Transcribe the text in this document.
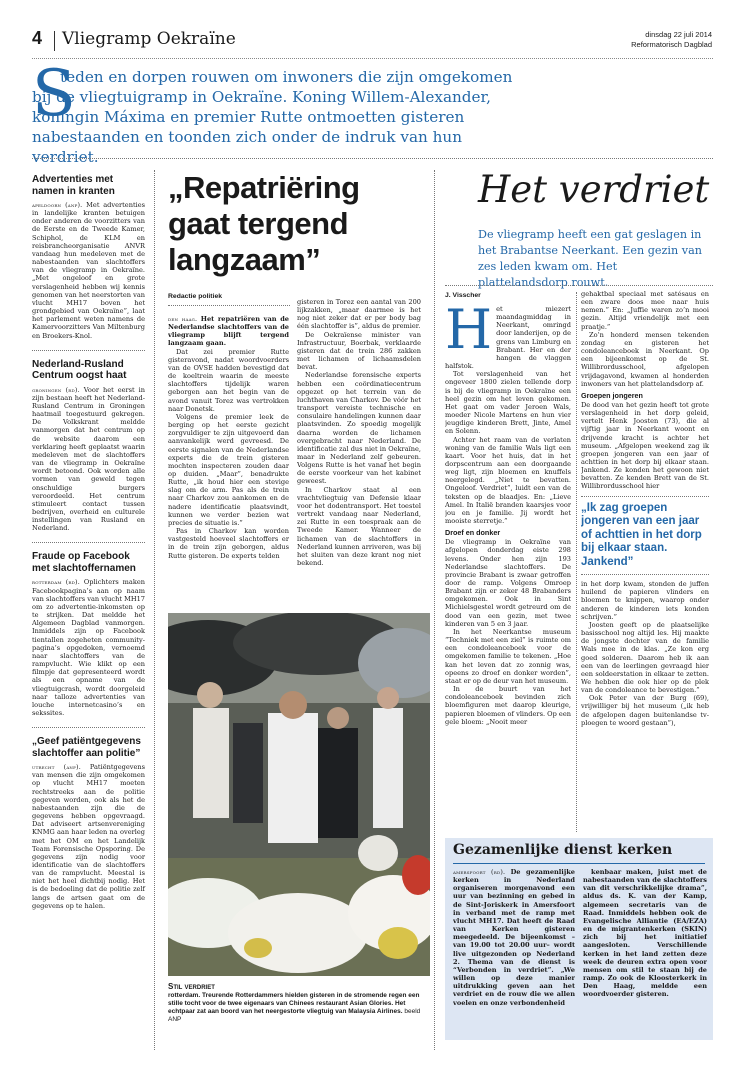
4 Vliegramp Oekraïne	dinsdag 22 juli 2014
Reformatorisch Dagblad
S

teden en dorpen rouwen om inwoners die zijn omgekomen bij de vliegtuigramp in Oekraïne. Koning Willem-Alexander, koningin Máxima en premier Rutte ontmoetten gisteren nabestaanden en toonden zich onder de indruk van hun verdriet.

Advertenties met namen in kranten

apeldoorn (anp). Met advertenties in landelijke kranten betuigen onder anderen de voorzitters van de Eerste en de Tweede Kamer, Schiphol, de KLM en reisbrancheorganisatie ANVR vandaag hun medeleven met de nabestaanden van slachtoffers van de vliegramp in Oekraïne. „Met ongeloof en grote verslagenheid hebben wij kennis genomen van het neerstorten van vlucht MH17 boven het grondgebied van Oekraïne”, laat het parlement weten namens de Kamervoorzitters Van Miltenburg en Broekers-Knol.

Nederland-Rusland Centrum oogst haat

groningen (rd). Voor het eerst in zijn bestaan heeft het Nederland-Rusland Centrum in Groningen haatmail toegestuurd gekregen. De Volkskrant meldde vanmorgen dat het centrum op de website daarom een verklaring heeft geplaatst waarin medeleven met de slachtoffers van de vliegramp in Oekraïne wordt betoond. Ook worden alle vormen van geweld tegen onschuldige burgers veroordeeld. Het centrum stimuleert contact tussen bedrijven, overheid en culturele instellingen van Rusland en Nederland.

Fraude op Facebook met slachtoffernamen

rotterdam (rd). Oplichters maken Facebookpagina’s aan op naam van slachtoffers van vlucht MH17 om zo advertentie-inkomsten op te strijken. Dat meldde het Algemeen Dagblad vanmorgen. Inmiddels zijn op Facebook tientallen zogeheten community-pagina’s opgedoken, vernoemd naar slachtoffers van de rampvlucht. Wie klikt op een filmpje dat gepresenteerd wordt als een opname van de vliegtuigcrash, wordt doorgeleid naar talloze advertenties van louche internetcasino’s en sekssites.

„Geef patiëntgegevens slachtoffer aan politie”

utrecht (anp). Patiëntgegevens van mensen die zijn omgekomen op vlucht MH17 moeten rechtstreeks aan de politie gegeven worden, ook als het de nabestaanden zijn die de gegevens hebben opgevraagd. Dat adviseert artsenvereniging KNMG aan haar leden na overleg met het OM en het Landelijk Team Forensische Opsporing. De gegevens zijn nodig voor identificatie van de slachtoffers van de rampvlucht. Meestal is niet het heel dichtbij nodig. Het is de bedoeling dat de politie zelf langs de artsen gaat om de gegevens op te halen.

„Repatriëring gaat tergend langzaam”
Redactie politiek

den haag. Het repatriëren van de Nederlandse slachtoffers van de vliegramp blijft tergend langzaam gaan.

Dat zei premier Rutte gisteravond, nadat woordvoerders van de OVSE hadden bevestigd dat de koeltrein waarin de meeste slachtoffers tijdelijk waren geborgen aan het begin van de avond vanuit Torez was vertrokken naar Donetsk.

Volgens de premier leek de berging op het eerste gezicht zorgvuldiger te zijn uitgevoerd dan aanvankelijk werd gevreesd. De eerste signalen van de Nederlandse experts die de trein gisteren mochten inspecteren zouden daar op duiden. „Maar”, benadrukte Rutte, „ik houd hier een stevige slag om de arm. Pas als de trein naar Charkov zou aankomen en de nadere identificatie plaatsvindt, kunnen we verder bezien wat precies de situatie is.”

Pas in Charkov kan worden vastgesteld hoeveel slachtoffers er in de trein zijn geborgen, aldus Rutte gisteren. De experts telden

gisteren in Torez een aantal van 200 lijkzakken, „maar daarmee is het nog niet zeker dat er per body bag één slachtoffer is”, aldus de premier.

De Oekraïense minister van Infrastructuur, Boerbak, verklaarde gisteren dat de trein 286 zakken met lichamen of lichaamsdelen bevat.

Nederlandse forensische experts hebben een coördinatiecentrum opgezet op het terrein van de luchthaven van Charkov. De vóór het transport vereiste technische en consulaire handelingen kunnen daar plaatsvinden. Zo spoedig mogelijk daarna worden de lichamen overgebracht naar Nederland. De identificatie zal dus niet in Oekraïne, maar in Nederland zelf gebeuren. Volgens Rutte is het vanaf het begin de eerste voorkeur van het kabinet geweest.

In Charkov staat al een vrachtvliegtuig van Defensie klaar voor het dodentransport. Het toestel vertrekt vandaag naar Nederland, zei Rutte in een toespraak aan de Tweede Kamer. Wanneer de lichamen van de slachtoffers in Nederland kunnen arriveren, was bij het sluiten van deze krant nog niet bekend.

Stil verdriet

rotterdam. Treurende Rotterdammers hielden gisteren in de stromende regen een stille tocht voor de twee eigenaars van Chinees restaurant Asian Glories. Het echtpaar zat aan boord van het neergestorte vliegtuig van Malaysia Airlines. beeld ANP

Het verdriet

De vliegramp heeft een gat geslagen in het Brabantse Neerkant. Een gezin van zes leden kwam om. Het plattelandsdorp rouwt.

J. Visscher
H et miezert maandagmiddag in Neerkant, omringd door landerijen, op de grens van Limburg en Brabant. Her en der hangen de vlaggen halfstok.

Tot verslagenheid van het ongeveer 1800 zielen tellende dorp is bij de vliegramp in Oekraïne een heel gezin om het leven gekomen. Het gaat om vader Jeroen Wals, moeder Nicole Martens en hun vier jeugdige kinderen Brett, Jinte, Amel en Solenn.

Achter het raam van de verlaten woning van de familie Wals ligt een kaart. Voor het huis, dat in het dorpscentrum aan een doorgaande weg ligt, zijn bloemen en knuffels neergelegd. „Niet te bevatten. Ongeloof. Verdriet”, luidt een van de teksten op de blaadjes. En: „Lieve Amel. In Italië branden kaarsjes voor jou en je familie. Jij wordt het mooiste sterretje.”

Droef en donker

De vliegramp in Oekraïne van afgelopen donderdag eiste 298 levens. Onder hen zijn 193 Nederlandse slachtoffers. De provincie Brabant is zwaar getroffen door de ramp. Volgens Omroep Brabant zijn er zeker 48 Brabanders omgekomen. Ook in Sint Michielsgestel wordt getreurd om de dood van een gezin, met twee kinderen van 5 en 3 jaar.

In het Neerkantse museum “Techniek met een ziel” is ruimte om een condoleanceboek voor de omgekomen familie te tekenen. „Hoe kan het leven dat zo zonnig was, opeens zo droef en donker worden”, staat er op de deur van het museum.

In de buurt van het condoleanceboek bevinden zich bloemfiguren met daarop kleurige, papieren bloemen of vlinders. Op een gele bloem: „Nooit meer

gehaktbal speciaal met satésaus en een zware doos mee naar huis nemen.” En: „Juffie waren zo’n mooi gezin. Altijd vriendelijk met een praatje.”

Zo’n honderd mensen tekenden zondag en gisteren het condoleanceboek in Neerkant. Op een bijeenkomst op de St. Willibrordusschool, afgelopen vrijdagavond, kwamen al honderden inwoners van het plattelandsdorp af.

Groepen jongeren

De dood van het gezin heeft tot grote verslagenheid in het dorp geleid, vertelt Henk Joosten (73), die al vijftig jaar in Neerkant woont en drijvende kracht is achter het museum. „Afgelopen weekend zag ik groepen jongeren van een jaar of achttien in het dorp bij elkaar staan. Jankend. Ze konden het gewoon niet bevatten. Ze kenden Brett van de St. Willibrordusschool hier

„Ik zag groepen jongeren van een jaar of achttien in het dorp bij elkaar staan. Jankend”

in het dorp kwam, stonden de juffen huilend de papieren vlinders en bloemen te knippen, waarop onder anderen de kinderen iets konden schrijven.”

Joosten geeft op de plaatselijke basisschool nog altijd les. Hij maakte de jongste dochter van de familie Wals mee in de klas. „Ze kon erg goed solderen. Daarom heb ik aan een van de leerlingen gevraagd hier een soldeerstation in elkaar te zetten. We hebben die ook hier op de plek van de condoleance te bevestigen.”

Ook Peter van der Burg (69), vrijwilliger bij het museum („ik heb de afgelopen dagen buitenlandse tv-ploegen te woord gestaan”),

Gezamenlijke dienst kerken

amersfoort (rd). De gezamenlijke kerken in Nederland organiseren morgenavond een uur van bezinning en gebed in de Sint-Joriskerk in Amersfoort in verband met de ramp met vlucht MH17. Dat heeft de Raad van Kerken gisteren meegedeeld. De bijeenkomst – van 19.00 tot 20.00 uur– wordt live uitgezonden op Nederland 2. Thema van de dienst is “Verbonden in verdriet”. „We willen op deze manier uitdrukking geven aan het verdriet en de rouw die we allen voelen en onze verbondenheid

kenbaar maken, juist met de nabestaanden van de slachtoffers van dit verschrikkelijke drama”, aldus ds. K. van der Kamp, algemeen secretaris van de Raad. Inmiddels hebben ook de Evangelische Alliantie (EA/EZA) en de migrantenkerken (SKIN) zich bij het initiatief aangesloten. Verschillende kerken in het land zetten deze week de deuren extra open voor mensen om stil te staan bij de ramp. Zo ook de Kloosterkerk in Den Haag, meldde een woordvoerder gisteren.
